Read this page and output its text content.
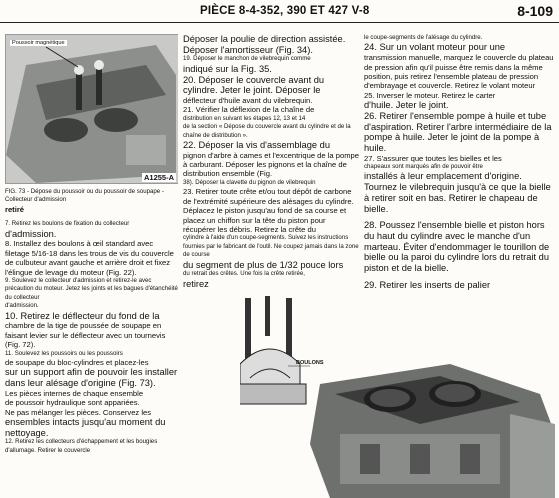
PIÈCE 8-4-352, 390 ET 427 V-8	8-109
Poussoir magnétique
A1255-A

FIG. 73 - Dépose du poussoir ou du poussoir de soupape - Collecteur d'admission

retiré

7. Retirez les boulons de fixation du collecteur

d'admission.

8. Installez des boulons à œil standard avec filetage 5/16-18 dans les trous de vis du couvercle de culbuteur avant gauche et arrière droit et fixez l'élingue de levage du moteur (Fig. 22).

9. Soulevez le collecteur d'admission et retirez-le avec précaution du moteur. Jetez les joints et les bagues d'étanchéité du collecteur

d'admission.

10. Retirez le déflecteur du fond de la

chambre de la tige de poussée de soupape en faisant levier sur le déflecteur avec un tournevis (Fig. 72).

11. Soulevez les poussoirs ou les poussoirs

de soupape du bloc-cylindres et placez-les

sur un support afin de pouvoir les installer dans leur alésage d'origine (Fig. 73).

Les pièces internes de chaque ensemble

de poussoir hydraulique sont appariées.

Ne pas mélanger les pièces. Conservez les

ensembles intacts jusqu'au moment du nettoyage.

12. Retirez les collecteurs d'échappement et les bougies d'allumage. Retirer le couvercle

Déposer la poulie de direction assistée. Déposer l'amortisseur (Fig. 34).

19. Déposer le manchon de vilebrequin comme

indiqué sur la Fig. 35.

20. Déposer le couvercle avant du cylindre. Jeter le joint. Déposer le

déflecteur d'huile avant du vilebrequin.

21. Vérifier la déflexion de la chaîne de

distribution en suivant les étapes 12, 13 et 14

de la section « Dépose du couvercle avant du cylindre et de la chaîne de distribution ».

22. Déposer la vis d'assemblage du

pignon d'arbre à cames et l'excentrique de la pompe à carburant. Déposer les pignons et la chaîne de distribution ensemble (Fig.

38). Déposer la clavette du pignon de vilebrequin

23. Retirer toute crête et/ou tout dépôt de carbone de l'extrémité supérieure des alésages du cylindre. Déplacez le piston jusqu'au fond de sa course et placez un chiffon sur la tête du piston pour

récupérer les débris. Retirez la crête du

cylindre à l'aide d'un coupe-segments. Suivez les instructions fournies par le fabricant de l'outil. Ne coupez jamais dans la zone de course

du segment de plus de 1/32 pouce lors

du retrait des crêtes. Une fois la crête retirée,

retirez

le coupe-segments de l'alésage du cylindre.

24. Sur un volant moteur pour une

transmission manuelle, marquez le couvercle du plateau de pression afin qu'il puisse être remis dans la même position, puis retirez l'ensemble plateau de pression d'embrayage et couvercle. Retirez le volant moteur

25. Inverser le moteur. Retirez le carter

d'huile. Jeter le joint.

26. Retirer l'ensemble pompe à huile et tube d'aspiration. Retirer l'arbre intermédiaire de la pompe à huile. Jeter le joint de la pompe à huile.

27. S'assurer que toutes les bielles et les

chapeaux sont marqués afin de pouvoir être

installés à leur emplacement d'origine. Tournez le vilebrequin jusqu'à ce que la bielle à retirer soit en bas. Retirer le chapeau de bielle.

28. Poussez l'ensemble bielle et piston hors du haut du cylindre avec le manche d'un marteau. Éviter d'endommager le tourillon de bielle ou la paroi du cylindre lors du retrait du piston et de la bielle.

29. Retirer les inserts de palier

BOULONS
